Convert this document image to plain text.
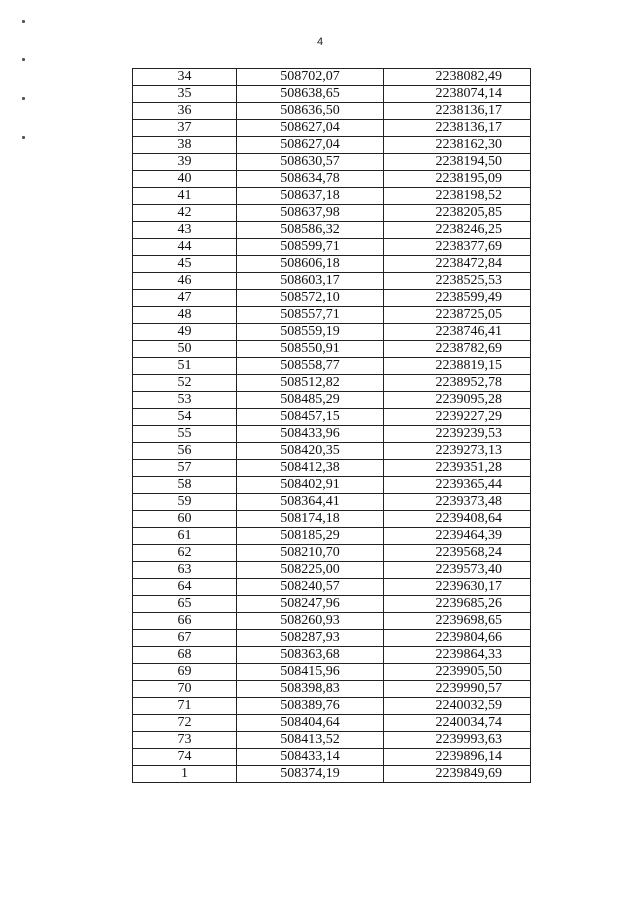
4
34	508702,07	2238082,49
35	508638,65	2238074,14
36	508636,50	2238136,17
37	508627,04	2238136,17
38	508627,04	2238162,30
39	508630,57	2238194,50
40	508634,78	2238195,09
41	508637,18	2238198,52
42	508637,98	2238205,85
43	508586,32	2238246,25
44	508599,71	2238377,69
45	508606,18	2238472,84
46	508603,17	2238525,53
47	508572,10	2238599,49
48	508557,71	2238725,05
49	508559,19	2238746,41
50	508550,91	2238782,69
51	508558,77	2238819,15
52	508512,82	2238952,78
53	508485,29	2239095,28
54	508457,15	2239227,29
55	508433,96	2239239,53
56	508420,35	2239273,13
57	508412,38	2239351,28
58	508402,91	2239365,44
59	508364,41	2239373,48
60	508174,18	2239408,64
61	508185,29	2239464,39
62	508210,70	2239568,24
63	508225,00	2239573,40
64	508240,57	2239630,17
65	508247,96	2239685,26
66	508260,93	2239698,65
67	508287,93	2239804,66
68	508363,68	2239864,33
69	508415,96	2239905,50
70	508398,83	2239990,57
71	508389,76	2240032,59
72	508404,64	2240034,74
73	508413,52	2239993,63
74	508433,14	2239896,14
1	508374,19	2239849,69
